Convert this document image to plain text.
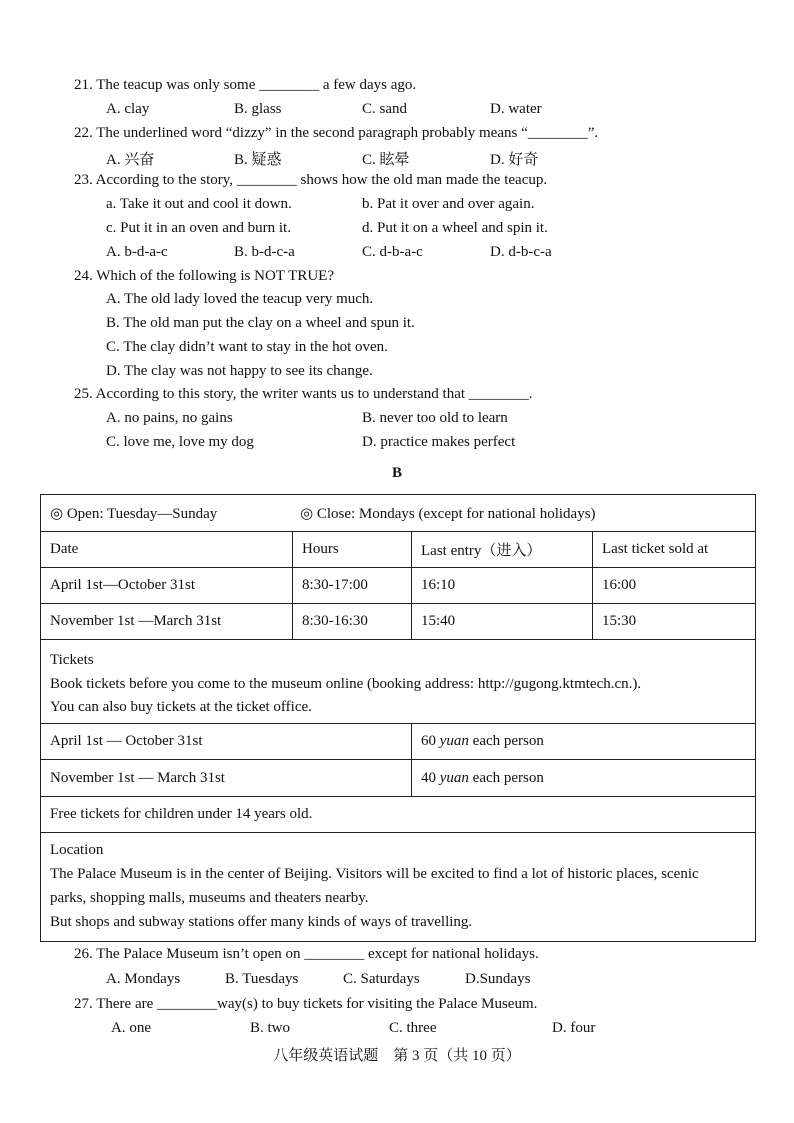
21. The teacup was only some ________ a few days ago.
A. clay	B. glass	C. sand	D. water
22. The underlined word “dizzy” in the second paragraph probably means “________”.
A. 兴奋	B. 疑惑	C. 眩晕	D. 好奇
23. According to the story, ________ shows how the old man made the teacup.
a. Take it out and cool it down.	b. Pat it over and over again.
c. Put it in an oven and burn it.	d. Put it on a wheel and spin it.
A. b-d-a-c	B. b-d-c-a	C. d-b-a-c	D. d-b-c-a
24. Which of the following is NOT TRUE?
A. The old lady loved the teacup very much.
B. The old man put the clay on a wheel and spun it.
C. The clay didn’t want to stay in the hot oven.
D. The clay was not happy to see its change.
25. According to this story, the writer wants us to understand that ________.
A. no pains, no gains	B. never too old to learn
C. love me, love my dog	D. practice makes perfect
B
◎ Open: Tuesday—Sunday	◎ Close: Mondays (except for national holidays)
Date	Hours	Last entry（进入）	Last ticket sold at
April 1st—October 31st	8:30-17:00	16:10	16:00
November 1st —March 31st	8:30-16:30	15:40	15:30
Tickets
Book tickets before you come to the museum online (booking address: http://gugong.ktmtech.cn.).
You can also buy tickets at the ticket office.
April 1st — October 31st	60
yuan each person
November 1st — March 31st	40
yuan each person
Free tickets for children under 14 years old.
Location
The Palace Museum is in the center of Beijing. Visitors will be excited to find a lot of historic places, scenic
parks, shopping malls, museums and theaters nearby.
But shops and subway stations offer many kinds of ways of travelling.
26. The Palace Museum isn’t open on ________ except for national holidays.
A. Mondays	B. Tuesdays	C. Saturdays	D.Sundays
27. There are ________way(s) to buy tickets for visiting the Palace Museum.
A. one	B. two	C. three	D. four
八年级英语试题　第 3 页（共 10 页）
